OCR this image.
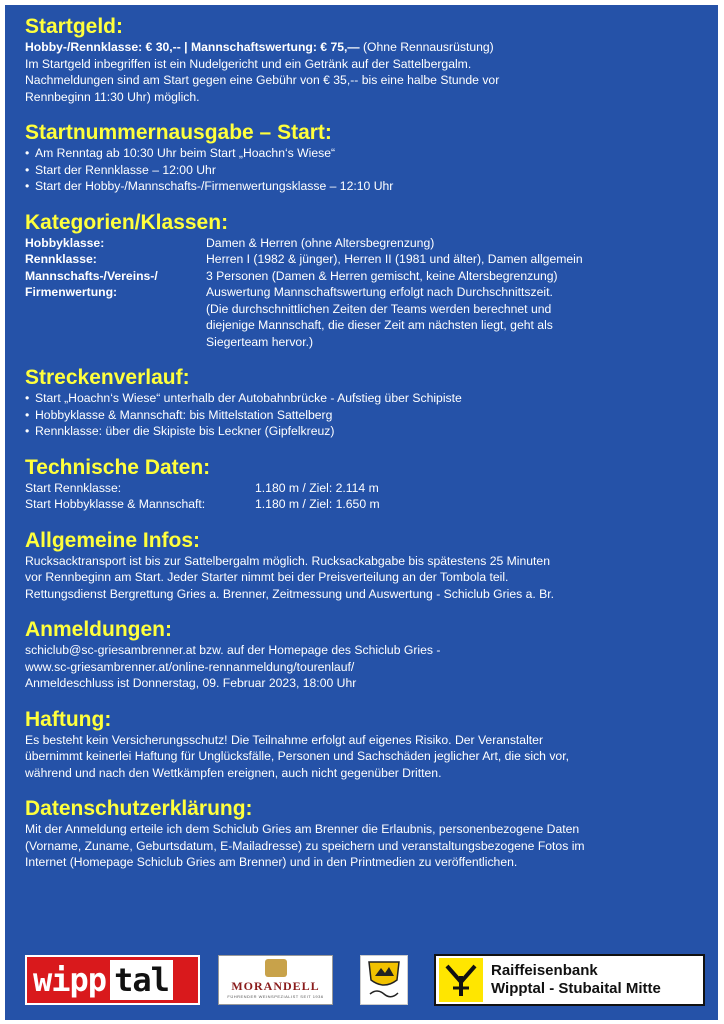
Startgeld:

Hobby-/Rennklasse: € 30,-- | Mannschaftswertung: € 75,— (Ohne Rennausrüstung)

Im Startgeld inbegriffen ist ein Nudelgericht und ein Getränk auf der Sattelbergalm.

Nachmeldungen sind am Start gegen eine Gebühr von € 35,-- bis eine halbe Stunde vor

Rennbeginn 11:30 Uhr) möglich.

Startnummernausgabe – Start:
• Am Renntag ab 10:30 Uhr beim Start „Hoachn‘s Wiese“
• Start der Rennklasse – 12:00 Uhr
• Start der Hobby-/Mannschafts-/Firmenwertungsklasse – 12:10 Uhr
Kategorien/Klassen:
Hobbyklasse:	Damen & Herren (ohne Altersbegrenzung)
Rennklasse:	Herren I (1982 & jünger), Herren II (1981 und älter), Damen allgemein
Mannschafts-/Vereins-/	3 Personen (Damen & Herren gemischt, keine Altersbegrenzung)
Firmenwertung:	Auswertung Mannschaftswertung erfolgt nach Durchschnittszeit.
(Die durchschnittlichen Zeiten der Teams werden berechnet und
diejenige Mannschaft, die dieser Zeit am nächsten liegt, geht als
Siegerteam hervor.)
Streckenverlauf:
• Start „Hoachn‘s Wiese“ unterhalb der Autobahnbrücke - Aufstieg über Schipiste
• Hobbyklasse & Mannschaft: bis Mittelstation Sattelberg
• Rennklasse: über die Skipiste bis Leckner (Gipfelkreuz)
Technische Daten:
Start Rennklasse:	1.180 m / Ziel: 2.114 m
Start Hobbyklasse & Mannschaft:	1.180 m / Ziel: 1.650 m
Allgemeine Infos:

Rucksacktransport ist bis zur Sattelbergalm möglich. Rucksackabgabe bis spätestens 25 Minuten

vor Rennbeginn am Start. Jeder Starter nimmt bei der Preisverteilung an der Tombola teil.

Rettungsdienst Bergrettung Gries a. Brenner, Zeitmessung und Auswertung - Schiclub Gries a. Br.

Anmeldungen:

schiclub@sc-griesambrenner.at bzw. auf der Homepage des Schiclub Gries -

www.sc-griesambrenner.at/online-rennanmeldung/tourenlauf/

Anmeldeschluss ist Donnerstag, 09. Februar 2023, 18:00 Uhr

Haftung:

Es besteht kein Versicherungsschutz! Die Teilnahme erfolgt auf eigenes Risiko. Der Veranstalter

übernimmt keinerlei Haftung für Unglücksfälle, Personen und Sachschäden jeglicher Art, die sich vor,

während und nach den Wettkämpfen ereignen, auch nicht gegenüber Dritten.

Datenschutzerklärung:

Mit der Anmeldung erteile ich dem Schiclub Gries am Brenner die Erlaubnis, personenbezogene Daten

(Vorname, Zuname, Geburtsdatum, E-Mailadresse) zu speichern und veranstaltungsbezogene Fotos im

Internet (Homepage Schiclub Gries am Brenner) und in den Printmedien zu veröffentlichen.

wipp tal	MORANDELL
FÜHRENDER WEINSPEZIALIST SEIT 1936
Raiffeisenbank
Wipptal - Stubaital Mitte
